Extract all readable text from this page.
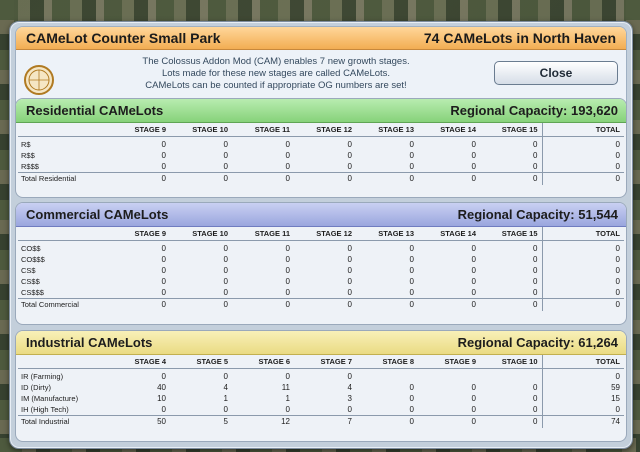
CAMeLot Counter Small Park	74 CAMeLots in North Haven
The Colossus Addon Mod (CAM) enables 7 new growth stages.
Lots made for these new stages are called CAMeLots.
CAMeLots can be counted if appropriate OG numbers are set!
Close
Residential CAMeLots	Regional Capacity: 193,620
	STAGE 9	STAGE 10	STAGE 11	STAGE 12	STAGE 13	STAGE 14	STAGE 15	TOTAL

R$	0	0	0	0	0	0	0	0
R$$	0	0	0	0	0	0	0	0
R$$$	0	0	0	0	0	0	0	0
Total Residential	0	0	0	0	0	0	0	0
Commercial CAMeLots	Regional Capacity: 51,544
	STAGE 9	STAGE 10	STAGE 11	STAGE 12	STAGE 13	STAGE 14	STAGE 15	TOTAL

CO$$	0	0	0	0	0	0	0	0
CO$$$	0	0	0	0	0	0	0	0
CS$	0	0	0	0	0	0	0	0
CS$$	0	0	0	0	0	0	0	0
CS$$$	0	0	0	0	0	0	0	0
Total Commercial	0	0	0	0	0	0	0	0
Industrial CAMeLots	Regional Capacity: 61,264
	STAGE 4	STAGE 5	STAGE 6	STAGE 7	STAGE 8	STAGE 9	STAGE 10	TOTAL

IR (Farming)	0	0	0	0				0
ID (Dirty)	40	4	11	4	0	0	0	59
IM (Manufacture)	10	1	1	3	0	0	0	15
IH (High Tech)	0	0	0	0	0	0	0	0
Total Industrial	50	5	12	7	0	0	0	74
